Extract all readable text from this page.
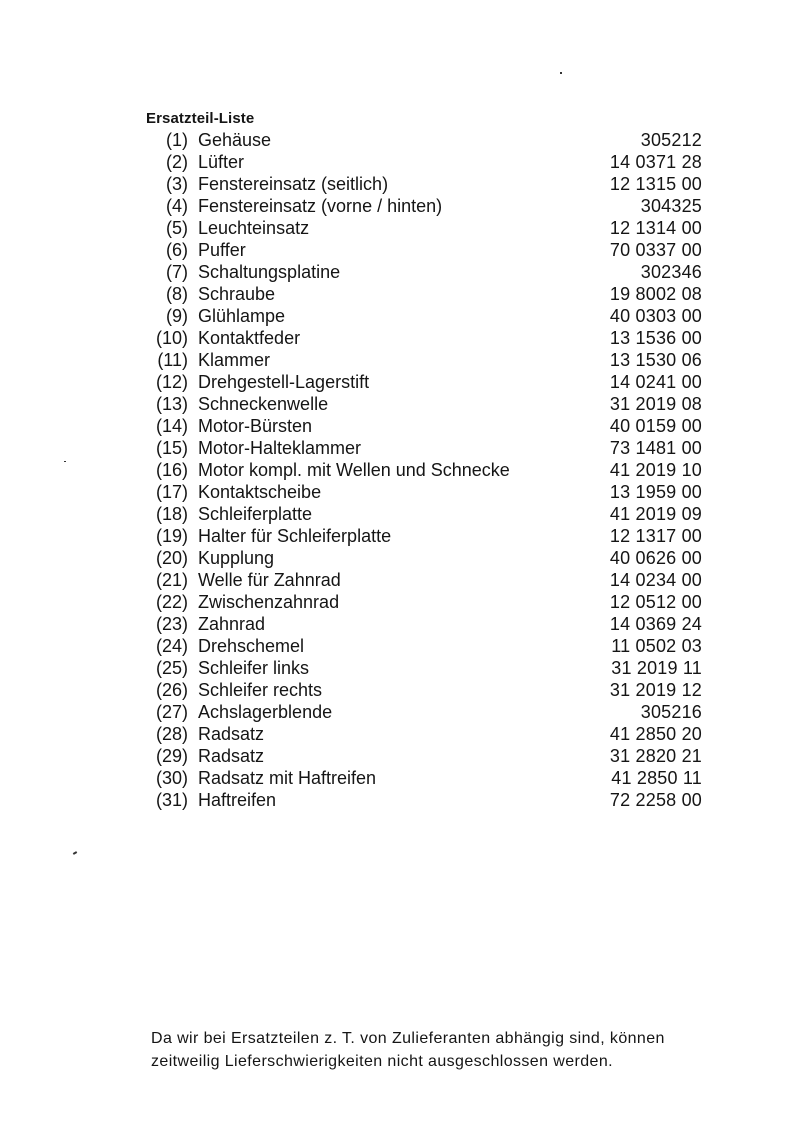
Ersatzteil-Liste
(1) Gehäuse	305212
(2) Lüfter	14 0371 28
(3) Fenstereinsatz (seitlich)	12 1315 00
(4) Fenstereinsatz (vorne / hinten)	304325
(5) Leuchteinsatz	12 1314 00
(6) Puffer	70 0337 00
(7) Schaltungsplatine	302346
(8) Schraube	19 8002 08
(9) Glühlampe	40 0303 00
(10) Kontaktfeder	13 1536 00
(11) Klammer	13 1530 06
(12) Drehgestell-Lagerstift	14 0241 00
(13) Schneckenwelle	31 2019 08
(14) Motor-Bürsten	40 0159 00
(15) Motor-Halteklammer	73 1481 00
(16) Motor kompl. mit Wellen und Schnecke	41 2019 10
(17) Kontaktscheibe	13 1959 00
(18) Schleiferplatte	41 2019 09
(19) Halter für Schleiferplatte	12 1317 00
(20) Kupplung	40 0626 00
(21) Welle für Zahnrad	14 0234 00
(22) Zwischenzahnrad	12 0512 00
(23) Zahnrad	14 0369 24
(24) Drehschemel	11 0502 03
(25) Schleifer links	31 2019 11
(26) Schleifer rechts	31 2019 12
(27) Achslagerblende	305216
(28) Radsatz	41 2850 20
(29) Radsatz	31 2820 21
(30) Radsatz mit Haftreifen	41 2850 11
(31) Haftreifen	72 2258 00

Da wir bei Ersatzteilen z. T. von Zulieferanten abhängig sind, können zeitweilig Lieferschwierigkeiten nicht ausgeschlossen werden.
